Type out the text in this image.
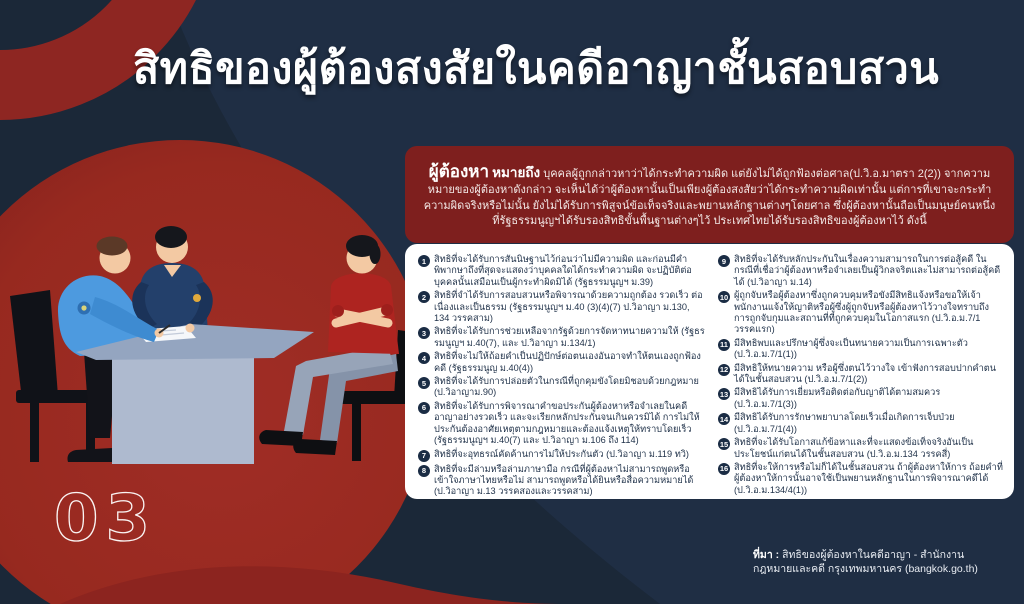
สิทธิของผู้ต้องสงสัยในคดีอาญาชั้นสอบสวน

ผู้ต้องหา หมายถึง บุคคลผู้ถูกกล่าวหาว่าได้กระทำความผิด แต่ยังไม่ได้ถูกฟ้องต่อศาล(ป.วิ.อ.มาตรา 2(2)) จากความหมายของผู้ต้องหาดังกล่าว จะเห็นได้ว่าผู้ต้องหานั้นเป็นเพียงผู้ต้องสงสัยว่าได้กระทำความผิดเท่านั้น แต่การที่เขาจะกระทำความผิดจริงหรือไม่นั้น ยังไม่ได้รับการพิสูจน์ข้อเท็จจริงและพยานหลักฐานต่างๆโดยศาล ซึ่งผู้ต้องหานั้นถือเป็นมนุษย์คนหนึ่ง ที่รัฐธรรมนูญฯได้รับรองสิทธิขั้นพื้นฐานต่างๆไว้ ประเทศไทยได้รับรองสิทธิของผู้ต้องหาไว้ ดังนี้

1 สิทธิที่จะได้รับการสันนิษฐานไว้ก่อนว่าไม่มีความผิด และก่อนมีคำพิพากษาถึงที่สุดจะแสดงว่าบุคคลใดได้กระทำความผิด จะปฏิบัติต่อบุคคลนั้นเสมือนเป็นผู้กระทำผิดมิได้ (รัฐธรรมนูญฯ ม.39)
2 สิทธิที่จำได้รับการสอบสวนหรือพิจารณาด้วยความถูกต้อง รวดเร็ว ต่อเนื่องและเป็นธรรม (รัฐธรรมนูญฯ ม.40 (3)(4)(7) ป.วิอาญา ม.130, 134 วรรคสาม)
3 สิทธิที่จะได้รับการช่วยเหลือจากรัฐด้วยการจัดหาทนายความให้ (รัฐธรรมนูญฯ ม.40(7), และ ป.วิอาญา ม.134/1)
4 สิทธิที่จะไม่ให้ถ้อยคำเป็นปฏิปักษ์ต่อตนเองอันอาจทำให้ตนเองถูกฟ้องคดี (รัฐธรรมนูญ ม.40(4))
5 สิทธิที่จะได้รับการปล่อยตัวในกรณีที่ถูกคุมขังโดยมิชอบด้วยกฎหมาย (ป.วิอาญาม.90)
6 สิทธิที่จะได้รับการพิจารณาคำขอประกันผู้ต้องหาหรือจำเลยในคดีอาญาอย่างรวดเร็ว และจะเรียกหลักประกันจนเกินควรมิได้ การไม่ให้ประกันต้องอาศัยเหตุตามกฎหมายและต้องแจ้งเหตุให้ทราบโดยเร็ว (รัฐธรรมนูญฯ ม.40(7) และ ป.วิอาญา ม.106 ถึง 114)
7 สิทธิที่จะอุทธรณ์คัดค้านการไม่ให้ประกันตัว (ป.วิอาญา ม.119 ทวิ)
8 สิทธิที่จะมีล่ามหรือล่ามภาษามือ กรณีที่ผู้ต้องหาไม่สามารถพูดหรือเข้าใจภาษาไทยหรือไม่ สามารถพูดหรือได้ยินหรือสื่อความหมายได้ (ป.วิอาญา ม.13 วรรคสองและวรรคสาม)
9 สิทธิที่จะได้รับหลักประกันในเรื่องความสามารถในการต่อสู้คดี ในกรณีที่เชื่อว่าผู้ต้องหาหรือจำเลยเป็นผู้วิกลจริตและไม่สามารถต่อสู้คดี ได้ (ป.วิอาญา ม.14)
10 ผู้ถูกจับหรือผู้ต้องหาซึ่งถูกควบคุมหรือขังมีสิทธิแจ้งหรือขอให้เจ้าพนักงานแจ้งให้ญาติหรือผู้ซึ่งผู้ถูกจับหรือผู้ต้องหาไว้วางใจทราบถึงการถูกจับกุมและสถานที่ที่ถูกควบคุมในโอกาสแรก (ป.วิ.อ.ม.7/1 วรรคแรก)
11 มีสิทธิพบและปรึกษาผู้ซึ่งจะเป็นทนายความเป็นการเฉพาะตัว (ป.วิ.อ.ม.7/1(1))
12 มีสิทธิให้ทนายความ หรือผู้ซึ่งตนไว้วางใจ เข้าฟังการสอบปากคำตนได้ในชั้นสอบสวน (ป.วิ.อ.ม.7/1(2))
13 มีสิทธิได้รับการเยี่ยมหรือติดต่อกับญาติได้ตามสมควร (ป.วิ.อ.ม.7/1(3))
14 มีสิทธิได้รับการรักษาพยาบาลโดยเร็วเมื่อเกิดการเจ็บป่วย (ป.วิ.อ.ม.7/1(4))
15 สิทธิที่จะได้รับโอกาสแก้ข้อหาและที่จะแสดงข้อเท็จจริงอันเป็นประโยชน์แก่ตนได้ในชั้นสอบสวน (ป.วิ.อ.ม.134 วรรคสี่)
16 สิทธิที่จะให้การหรือไม่ก็ได้ในชั้นสอบสวน ถ้าผู้ต้องหาให้การ ถ้อยคำที่ผู้ต้องหาให้การนั้นอาจใช้เป็นพยานหลักฐานในการพิจารณาคดีได้ (ป.วิ.อ.ม.134/4(1))
03	ที่มา : สิทธิของผู้ต้องหาในคดีอาญา - สำนักงานกฎหมายและคดี กรุงเทพมหานคร (bangkok.go.th)
